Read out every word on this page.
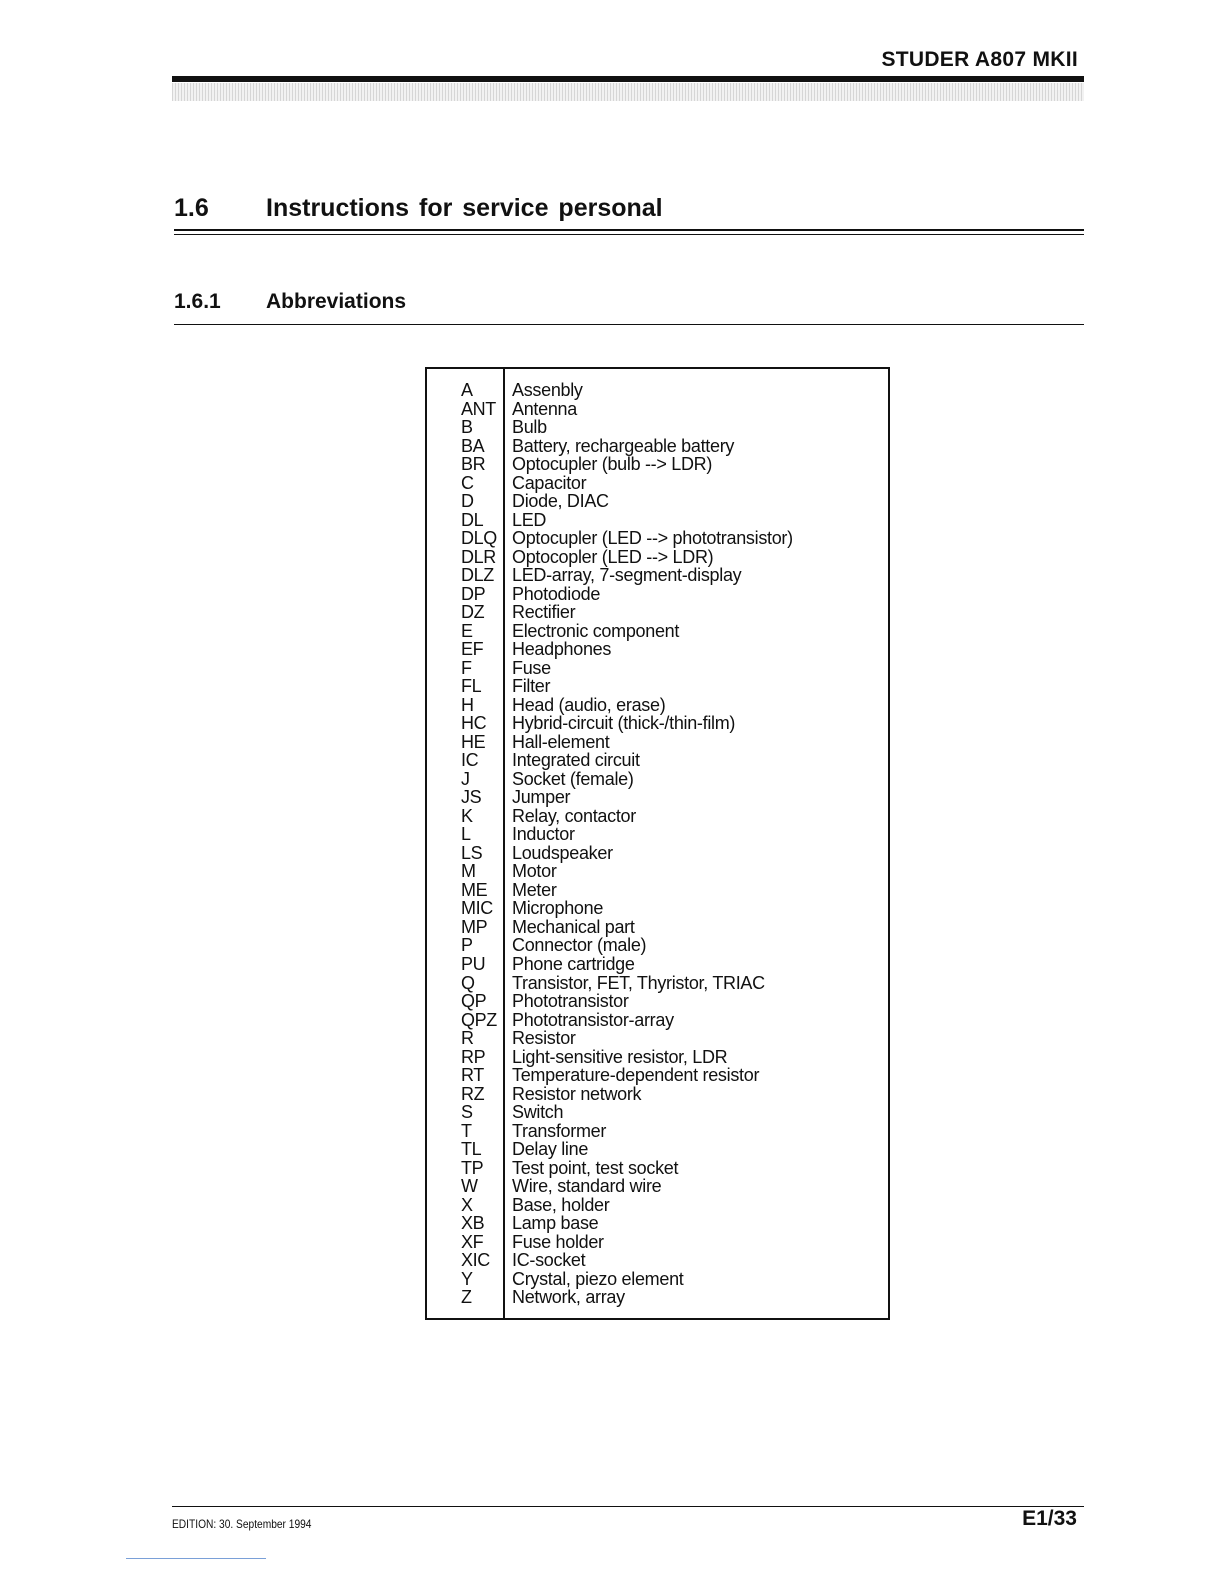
STUDER A807 MKII
1.6 Instructions for service personal
1.6.1 Abbreviations
A Assenbly
ANT Antenna
B Bulb
BA Battery, rechargeable battery
BR Optocupler (bulb --> LDR)
C Capacitor
D Diode, DIAC
DL LED
DLQ Optocupler (LED --> phototransistor)
DLR Optocopler (LED --> LDR)
DLZ LED-array, 7-segment-display
DP Photodiode
DZ Rectifier
E Electronic component
EF Headphones
F Fuse
FL Filter
H Head (audio, erase)
HC Hybrid-circuit (thick-/thin-film)
HE Hall-element
IC Integrated circuit
J Socket (female)
JS Jumper
K Relay, contactor
L Inductor
LS Loudspeaker
M Motor
ME Meter
MIC Microphone
MP Mechanical part
P Connector (male)
PU Phone cartridge
Q Transistor, FET, Thyristor, TRIAC
QP Phototransistor
QPZ Phototransistor-array
R Resistor
RP Light-sensitive resistor, LDR
RT Temperature-dependent resistor
RZ Resistor network
S Switch
T Transformer
TL Delay line
TP Test point, test socket
W Wire, standard wire
X Base, holder
XB Lamp base
XF Fuse holder
XIC IC-socket
Y Crystal, piezo element
Z Network, array
EDITION: 30. September 1994	E1/33
